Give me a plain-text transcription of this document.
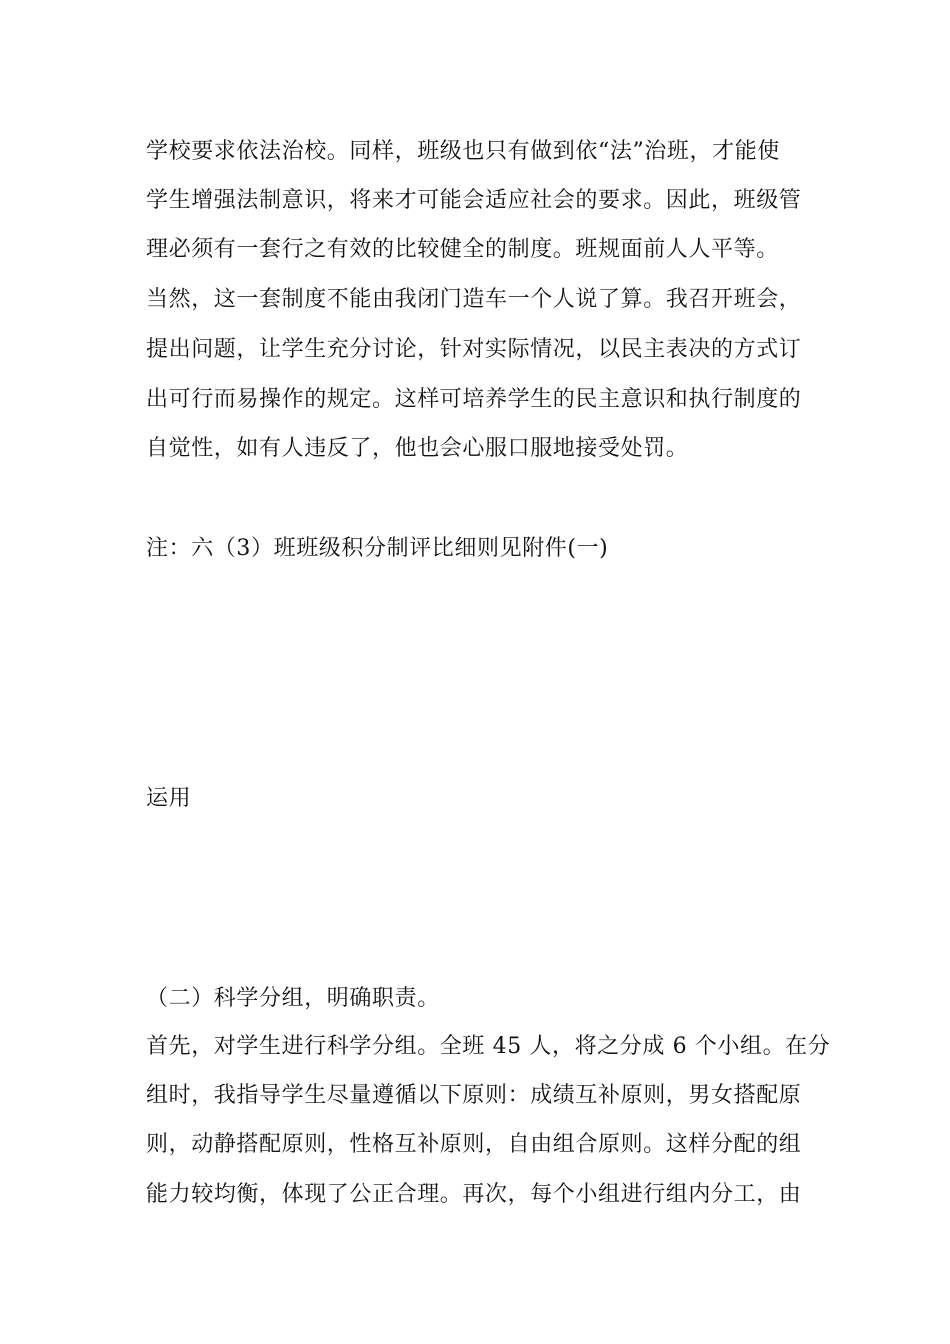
学校要求依法治校。同样，班级也只有做到依“法”治班，才能使
学生增强法制意识，将来才可能会适应社会的要求。因此，班级管
理必须有一套行之有效的比较健全的制度。班规面前人人平等。
当然，这一套制度不能由我闭门造车一个人说了算。我召开班会，
提出问题，让学生充分讨论，针对实际情况，以民主表决的方式订
出可行而易操作的规定。这样可培养学生的民主意识和执行制度的
自觉性，如有人违反了，他也会心服口服地接受处罚。
注：六（3）班班级积分制评比细则见附件(一)
运用
（二）科学分组，明确职责。
首先，对学生进行科学分组。全班 45 人，将之分成 6 个小组。在分
组时，我指导学生尽量遵循以下原则：成绩互补原则，男女搭配原
则，动静搭配原则，性格互补原则，自由组合原则。这样分配的组
能力较均衡，体现了公正合理。再次，每个小组进行组内分工，由
